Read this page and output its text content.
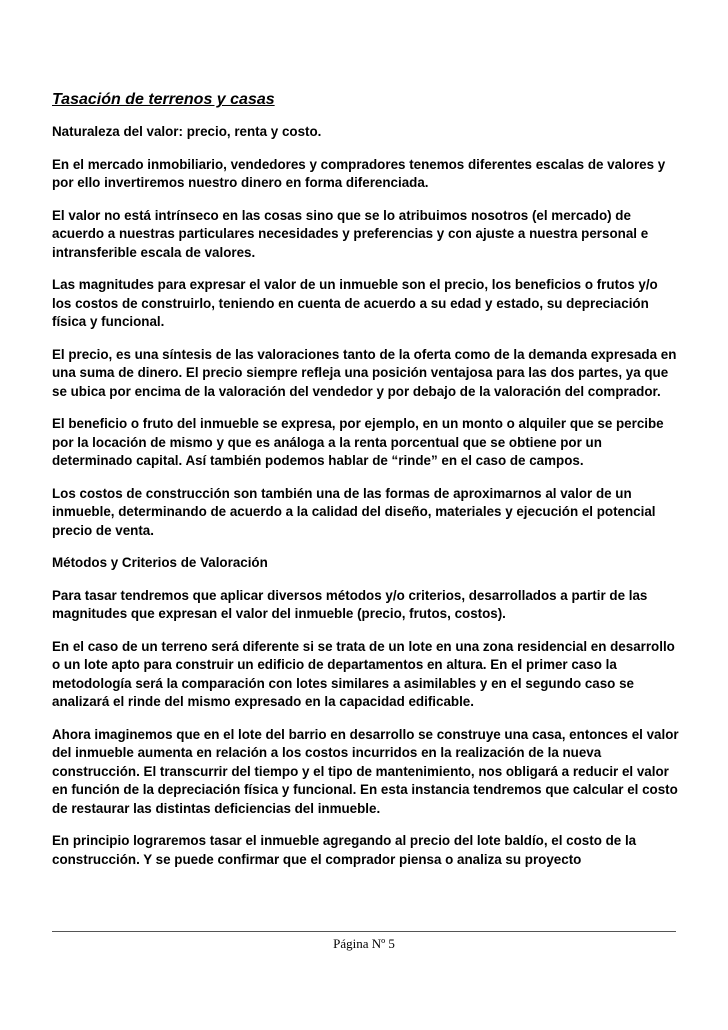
Tasación de terrenos y casas

Naturaleza del valor: precio, renta y costo.

En el mercado inmobiliario, vendedores y compradores tenemos diferentes escalas de valores y por ello invertiremos nuestro dinero en forma diferenciada.

El valor no está intrínseco en las cosas sino que se lo atribuimos nosotros (el mercado) de acuerdo a nuestras particulares necesidades y preferencias y con ajuste a nuestra personal e intransferible escala de valores.

Las magnitudes para expresar el valor de un inmueble son el precio, los beneficios o frutos y/o los costos de construirlo, teniendo en cuenta de acuerdo a su edad y estado, su depreciación física y funcional.

El precio, es una síntesis de las valoraciones tanto de la oferta como de la demanda expresada en una suma de dinero. El precio siempre refleja una posición ventajosa para las dos partes, ya que se ubica por encima de la valoración del vendedor y por debajo de la valoración del comprador.

El beneficio o fruto del inmueble se expresa, por ejemplo, en un monto o alquiler que se percibe por la locación de mismo y que es análoga a la renta porcentual que se obtiene por un determinado capital. Así también podemos hablar de “rinde” en el caso de campos.

Los costos de construcción son también una de las formas de aproximarnos al valor de un inmueble, determinando de acuerdo a la calidad del diseño, materiales y ejecución el potencial precio de venta.

Métodos y Criterios de Valoración

Para tasar tendremos que aplicar diversos métodos y/o criterios, desarrollados a partir de las magnitudes que expresan el valor del inmueble (precio, frutos, costos).

En el caso de un terreno será diferente si se trata de un lote en una zona residencial en desarrollo o un lote apto para construir un edificio de departamentos en altura. En el primer caso la metodología será la comparación con lotes similares a asimilables y en el segundo caso se analizará el rinde del mismo expresado en la capacidad edificable.

Ahora imaginemos que en el lote del barrio en desarrollo se construye una casa, entonces el valor del inmueble aumenta en relación a los costos incurridos en la realización de la nueva construcción. El transcurrir del tiempo y el tipo de mantenimiento, nos obligará a reducir el valor en función de la depreciación física y funcional. En esta instancia tendremos que calcular el costo de restaurar las distintas deficiencias del inmueble.

En principio lograremos tasar el inmueble agregando al precio del lote baldío, el costo de la construcción. Y se puede confirmar que el comprador piensa o analiza su proyecto

Página Nº 5
